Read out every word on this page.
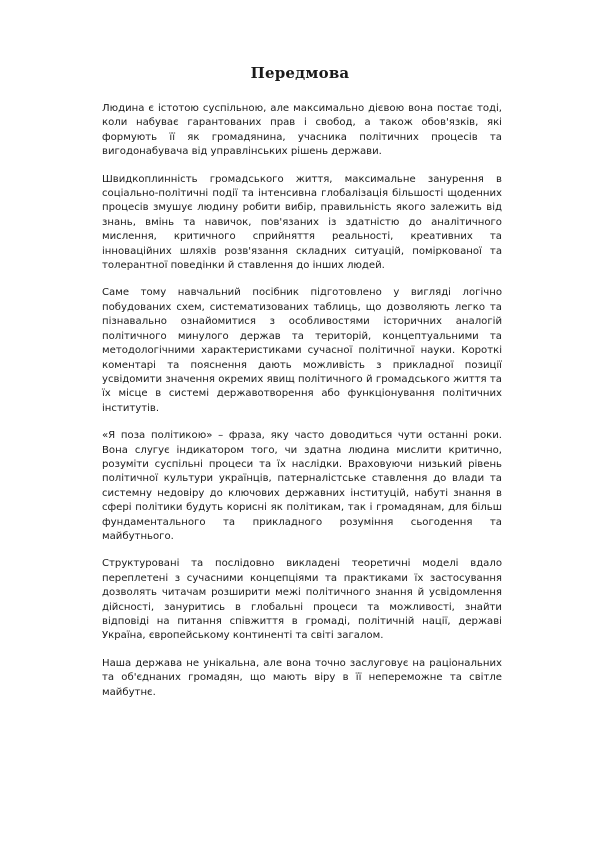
Передмова

Людина є істотою суспільною, але максимально дієвою вона постає тоді, коли набуває гарантованих прав і свобод, а також обов'язків, які формують її як громадянина, учасника політичних процесів та вигодонабувача від управлінських рішень держави.

Швидкоплинність громадського життя, максимальне занурення в соціально-політичні події та інтенсивна глобалізація більшості щоденних процесів змушує людину робити вибір, правильність якого залежить від знань, вмінь та навичок, пов'язаних із здатністю до аналітичного мислення, критичного сприйняття реальності, креативних та інноваційних шляхів розв'язання складних ситуацій, поміркованої та толерантної поведінки й ставлення до інших людей.

Саме тому навчальний посібник підготовлено у вигляді логічно побудованих схем, систематизованих таблиць, що дозволяють легко та пізнавально ознайомитися з особливостями історичних аналогій політичного минулого держав та територій, концептуальними та методологічними характеристиками сучасної політичної науки. Короткі коментарі та пояснення дають можливість з прикладної позиції усвідомити значення окремих явищ політичного й громадського життя та їх місце в системі державотворення або функціонування політичних інститутів.

«Я поза політикою» – фраза, яку часто доводиться чути останні роки. Вона слугує індикатором того, чи здатна людина мислити критично, розуміти суспільні процеси та їх наслідки. Враховуючи низький рівень політичної культури українців, патерналістське ставлення до влади та системну недовіру до ключових державних інституцій, набуті знання в сфері політики будуть корисні як політикам, так і громадянам, для більш фундаментального та прикладного розуміння сьогодення та майбутнього.

Структуровані та послідовно викладені теоретичні моделі вдало переплетені з сучасними концепціями та практиками їх застосування дозволять читачам розширити межі політичного знання й усвідомлення дійсності, зануритись в глобальні процеси та можливості, знайти відповіді на питання співжиття в громаді, політичній нації, державі Україна, європейському континенті та світі загалом.

Наша держава не унікальна, але вона точно заслуговує на раціональних та об'єднаних громадян, що мають віру в її непереможне та світле майбутнє.
